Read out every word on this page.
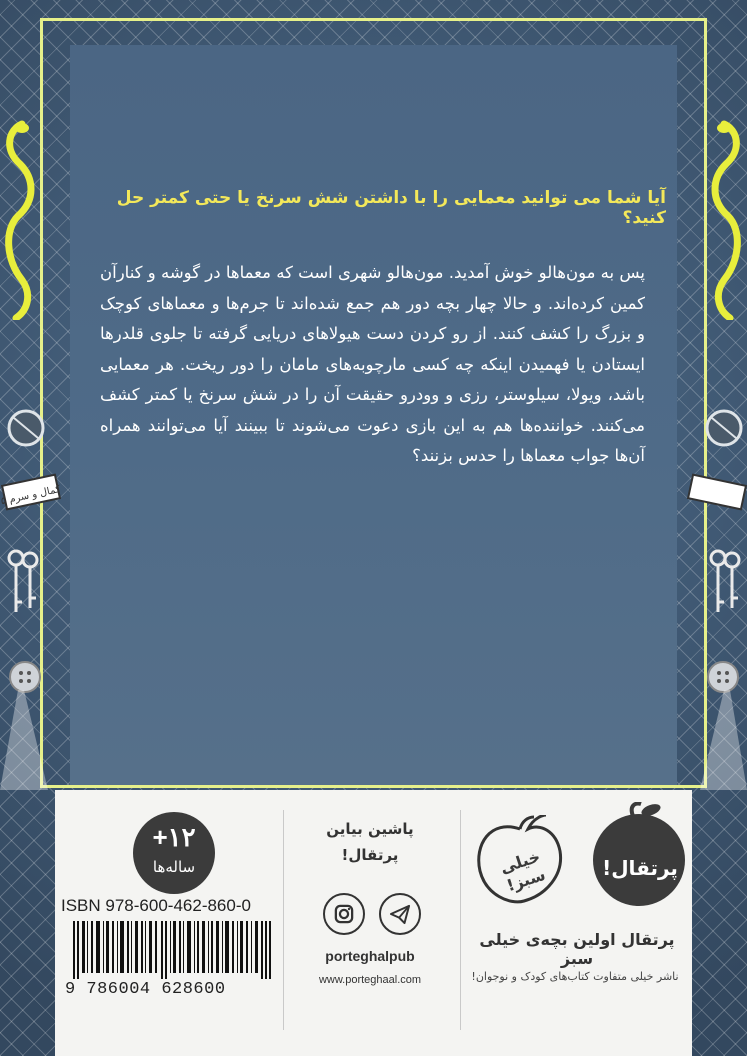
آیا شما می توانید معمایی را با داشتن شش سرنخ یا حتی کمتر حل کنید؟

پس به مون‌هالو خوش آمدید. مون‌هالو شهری است که معماها در گوشه و کنارآن کمین کرده‌اند. و حالا چهار بچه دور هم جمع شده‌اند تا جرم‌ها و معماهای کوچک و بزرگ را کشف کنند. از رو کردن دست هیولاهای دریایی گرفته تا جلوی قلدرها ایستادن یا فهمیدن اینکه چه کسی مارچوبه‌های مامان را دور ریخت. هر معمایی باشد، ویولا، سیلوستر، رزی و وودرو حقیقت آن را در شش سرنخ یا کمتر کشف می‌کنند. خواننده‌ها هم به این بازی دعوت می‌شوند تا ببینند آیا می‌توانند همراه آن‌ها جواب معماها را حدس بزنند؟

کمال و سرم ۵
+۱۲
ساله‌ها
ISBN 978-600-462-860-0
9 786004 628600
پاشین بیاین
پرتقال!
porteghalpub
www.porteghaal.com
خیلی سبز!	پرتقال!
پرتقال اولین بچه‌ی خیلی سبز
ناشر خیلی متفاوت کتاب‌های کودک و نوجوان!
